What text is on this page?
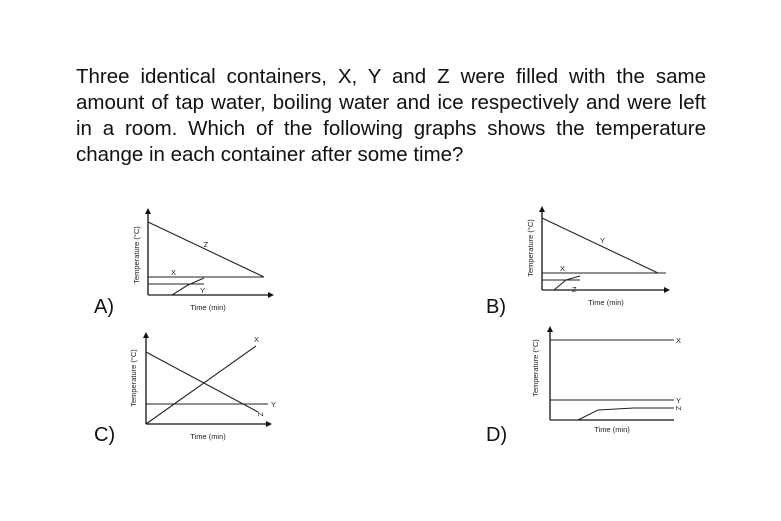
Three identical containers, X, Y and Z were filled with the same amount of tap water, boiling water and ice respectively and were left in a room. Which of the following graphs shows the temperature change in each container after some time?

A)
Temperature (°C)
Time (min)
X
Y
Z
B)
Temperature (°C)
Time (min)
X
Y
Z
C)
Temperature (°C)
Time (min)
X
Y
Z
D)
Temperature (°C)
Time (min)
X
Y
Z
